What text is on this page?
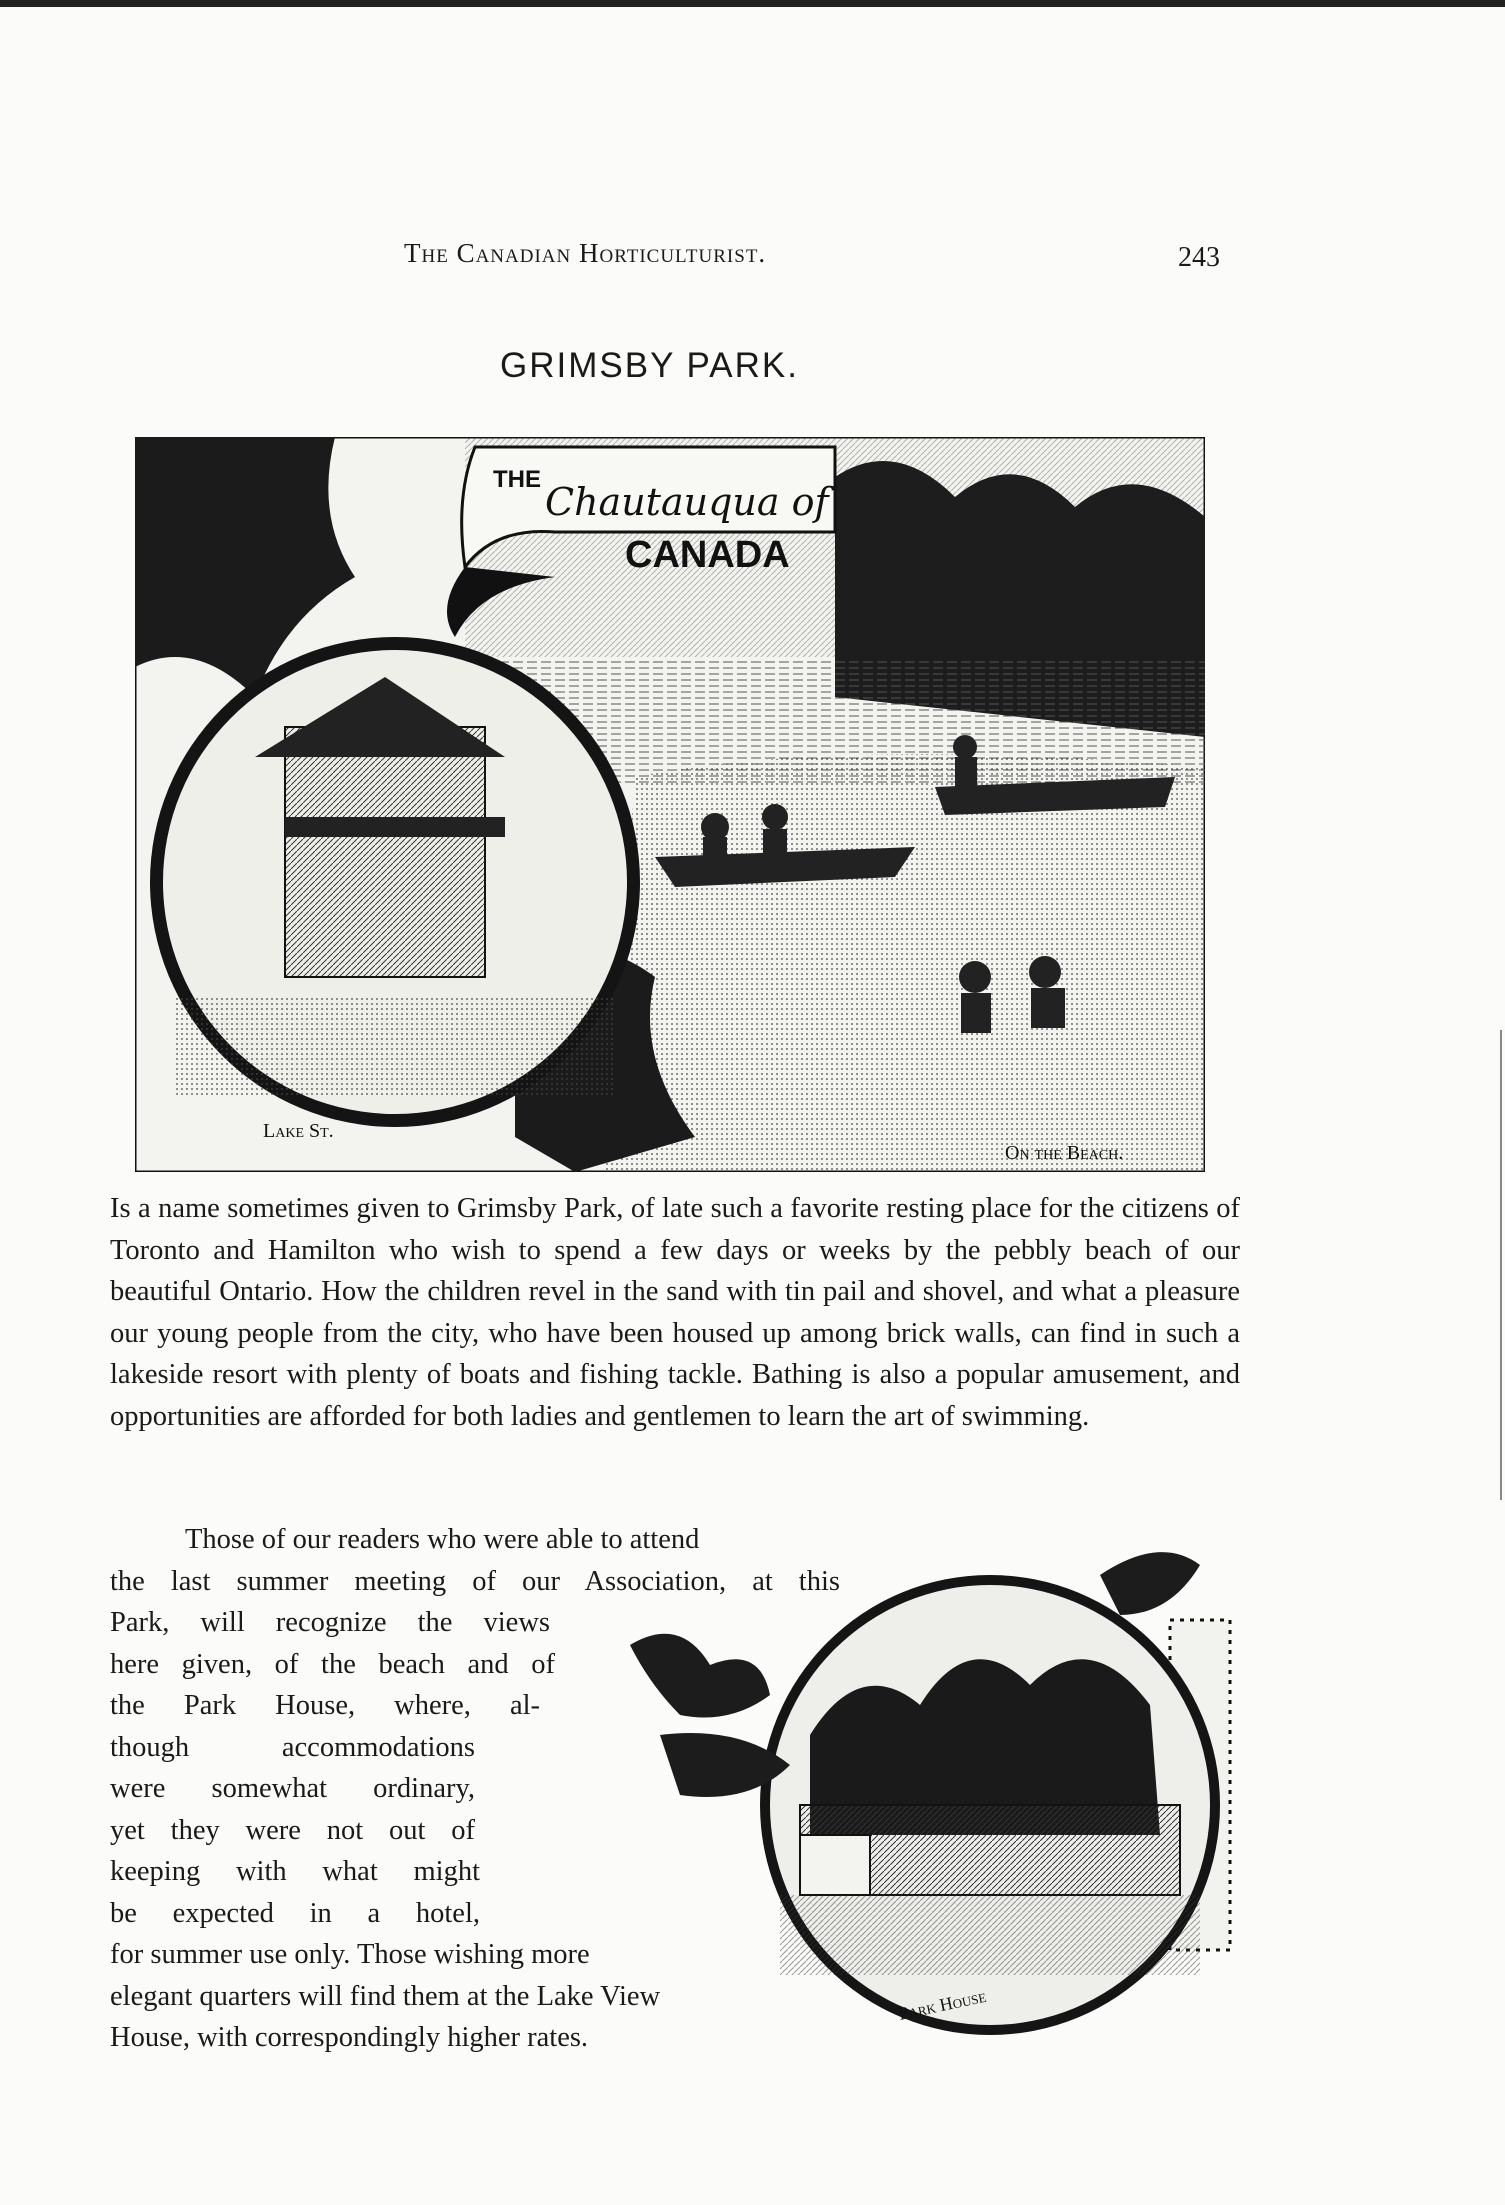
The Canadian Horticulturist.	243
GRIMSBY PARK.
THE
Chautauqua of
CANADA
Lake St.
On the Beach.
Is a name sometimes given to Grimsby Park, of late such a favorite resting place for the citizens of Toronto and Hamilton who wish to spend a few days or weeks by the pebbly beach of our beautiful Ontario. How the children revel in the sand with tin pail and shovel, and what a pleasure our young people from the city, who have been housed up among brick walls, can find in such a lakeside resort with plenty of boats and fishing tackle. Bathing is also a popular amusement, and opportunities are afforded for both ladies and gentlemen to learn the art of swimming.
Those of our readers who were able to attend
the last summer meeting of our Association, at this
Park, will recognize the views
here given, of the beach and of
the Park House, where, al-
though accommodations
were somewhat ordinary,
yet they were not out of
keeping with what might
be expected in a hotel,
for summer use only. Those wishing more
elegant quarters will find them at the Lake View
House, with correspondingly higher rates.
Park House
